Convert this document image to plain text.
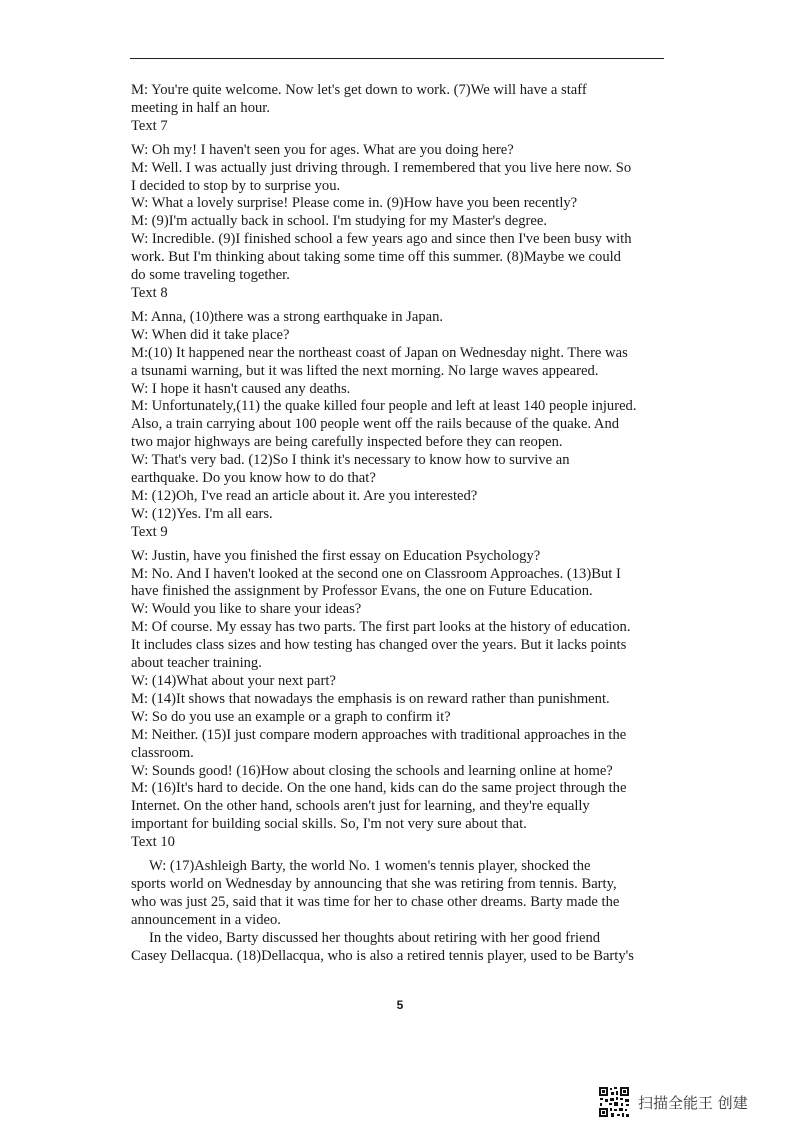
M: You're quite welcome. Now let's get down to work. (7)We will have a staff
meeting in half an hour.
Text 7
W: Oh my! I haven't seen you for ages. What are you doing here?
M: Well. I was actually just driving through. I remembered that you live here now. So
I decided to stop by to surprise you.
W: What a lovely surprise! Please come in. (9)How have you been recently?
M: (9)I'm actually back in school. I'm studying for my Master's degree.
W: Incredible. (9)I finished school a few years ago and since then I've been busy with
work. But I'm thinking about taking some time off this summer. (8)Maybe we could
do some traveling together.
Text 8
M: Anna, (10)there was a strong earthquake in Japan.
W: When did it take place?
M:(10) It happened near the northeast coast of Japan on Wednesday night. There was
a tsunami warning, but it was lifted the next morning. No large waves appeared.
W: I hope it hasn't caused any deaths.
M: Unfortunately,(11) the quake killed four people and left at least 140 people injured.
Also, a train carrying about 100 people went off the rails because of the quake. And
two major highways are being carefully inspected before they can reopen.
W: That's very bad. (12)So I think it's necessary to know how to survive an
earthquake. Do you know how to do that?
M: (12)Oh, I've read an article about it. Are you interested?
W: (12)Yes. I'm all ears.
Text 9
W: Justin, have you finished the first essay on Education Psychology?
M: No. And I haven't looked at the second one on Classroom Approaches. (13)But I
have finished the assignment by Professor Evans, the one on Future Education.
W: Would you like to share your ideas?
M: Of course. My essay has two parts. The first part looks at the history of education.
It includes class sizes and how testing has changed over the years. But it lacks points
about teacher training.
W: (14)What about your next part?
M: (14)It shows that nowadays the emphasis is on reward rather than punishment.
W: So do you use an example or a graph to confirm it?
M: Neither. (15)I just compare modern approaches with traditional approaches in the
classroom.
W: Sounds good! (16)How about closing the schools and learning online at home?
M: (16)It's hard to decide. On the one hand, kids can do the same project through the
Internet. On the other hand, schools aren't just for learning, and they're equally
important for building social skills. So, I'm not very sure about that.
Text 10
W: (17)Ashleigh Barty, the world No. 1 women's tennis player, shocked the
sports world on Wednesday by announcing that she was retiring from tennis. Barty,
who was just 25, said that it was time for her to chase other dreams. Barty made the
announcement in a video.
In the video, Barty discussed her thoughts about retiring with her good friend
Casey Dellacqua. (18)Dellacqua, who is also a retired tennis player, used to be Barty's
5
扫描全能王 创建
